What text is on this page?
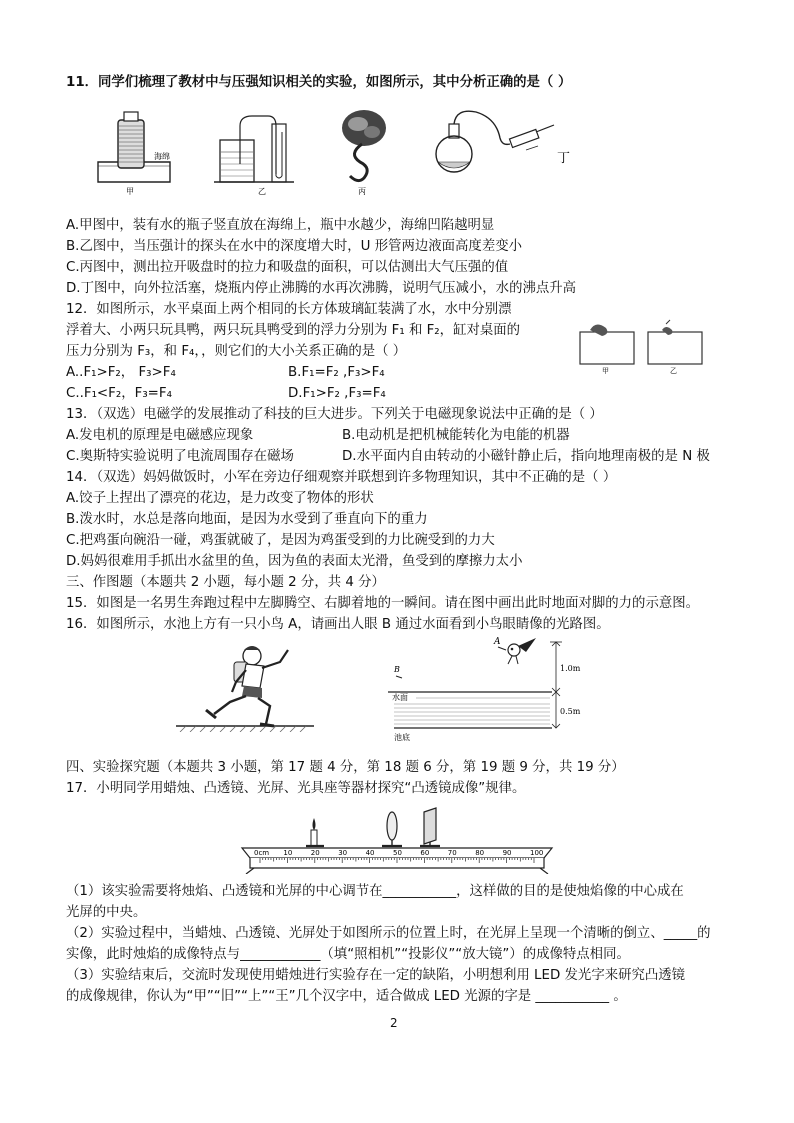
11．同学们梳理了教材中与压强知识相关的实验，如图所示，其中分析正确的是（ ）
海绵
甲	乙	丙
丁
A.甲图中，装有水的瓶子竖直放在海绵上，瓶中水越少，海绵凹陷越明显
B.乙图中，当压强计的探头在水中的深度增大时，U 形管两边液面高度差变小
C.丙图中，测出拉开吸盘时的拉力和吸盘的面积，可以估测出大气压强的值
D.丁图中，向外拉活塞，烧瓶内停止沸腾的水再次沸腾，说明气压减小，水的沸点升高
12．如图所示，水平桌面上两个相同的长方体玻璃缸装满了水，水中分别漂
浮着大、小两只玩具鸭，两只玩具鸭受到的浮力分别为 F₁ 和 F₂，缸对桌面的
压力分别为 F₃，和 F₄，，则它们的大小关系正确的是（ ）
A..F₁>F₂， F₃>F₄	B.F₁=F₂ ,F₃>F₄
C..F₁<F₂，F₃=F₄	D.F₁>F₂ ,F₃=F₄
甲	乙
13．（双选）电磁学的发展推动了科技的巨大进步。下列关于电磁现象说法中正确的是（ ）
A.发电机的原理是电磁感应现象	B.电动机是把机械能转化为电能的机器
C.奥斯特实验说明了电流周围存在磁场	D.水平面内自由转动的小磁针静止后，指向地理南极的是 N 极
14．（双选）妈妈做饭时，小军在旁边仔细观察并联想到许多物理知识，其中不正确的是（ ）
A.饺子上捏出了漂亮的花边，是力改变了物体的形状
B.泼水时，水总是落向地面，是因为水受到了垂直向下的重力
C.把鸡蛋向碗沿一碰，鸡蛋就破了，是因为鸡蛋受到的力比碗受到的力大
D.妈妈很难用手抓出水盆里的鱼，因为鱼的表面太光滑，鱼受到的摩擦力太小
三、作图题（本题共 2 小题，每小题 2 分，共 4 分）
15．如图是一名男生奔跑过程中左脚腾空、右脚着地的一瞬间。请在图中画出此时地面对脚的力的示意图。
16．如图所示，水池上方有一只小鸟 A，请画出人眼 B 通过水面看到小鸟眼睛像的光路图。
A
1.0m
B
水面
0.5m
池底
四、实验探究题（本题共 3 小题，第 17 题 4 分，第 18 题 6 分，第 19 题 9 分，共 19 分）
17．小明同学用蜡烛、凸透镜、光屏、光具座等器材探究“凸透镜成像”规律。
0cm 10	20	30	40	50	60	70	80	90	100
（1）该实验需要将烛焰、凸透镜和光屏的中心调节在___________，这样做的目的是使烛焰像的中心成在
光屏的中央。
（2）实验过程中，当蜡烛、凸透镜、光屏处于如图所示的位置上时，在光屏上呈现一个清晰的倒立、_____的
实像，此时烛焰的成像特点与____________（填“照相机”“投影仪”“放大镜”）的成像特点相同。
（3）实验结束后，交流时发现使用蜡烛进行实验存在一定的缺陷，小明想利用 LED 发光字来研究凸透镜
的成像规律，你认为“甲”“旧”“上”“王”几个汉字中，适合做成 LED 光源的字是 ___________ 。
2
